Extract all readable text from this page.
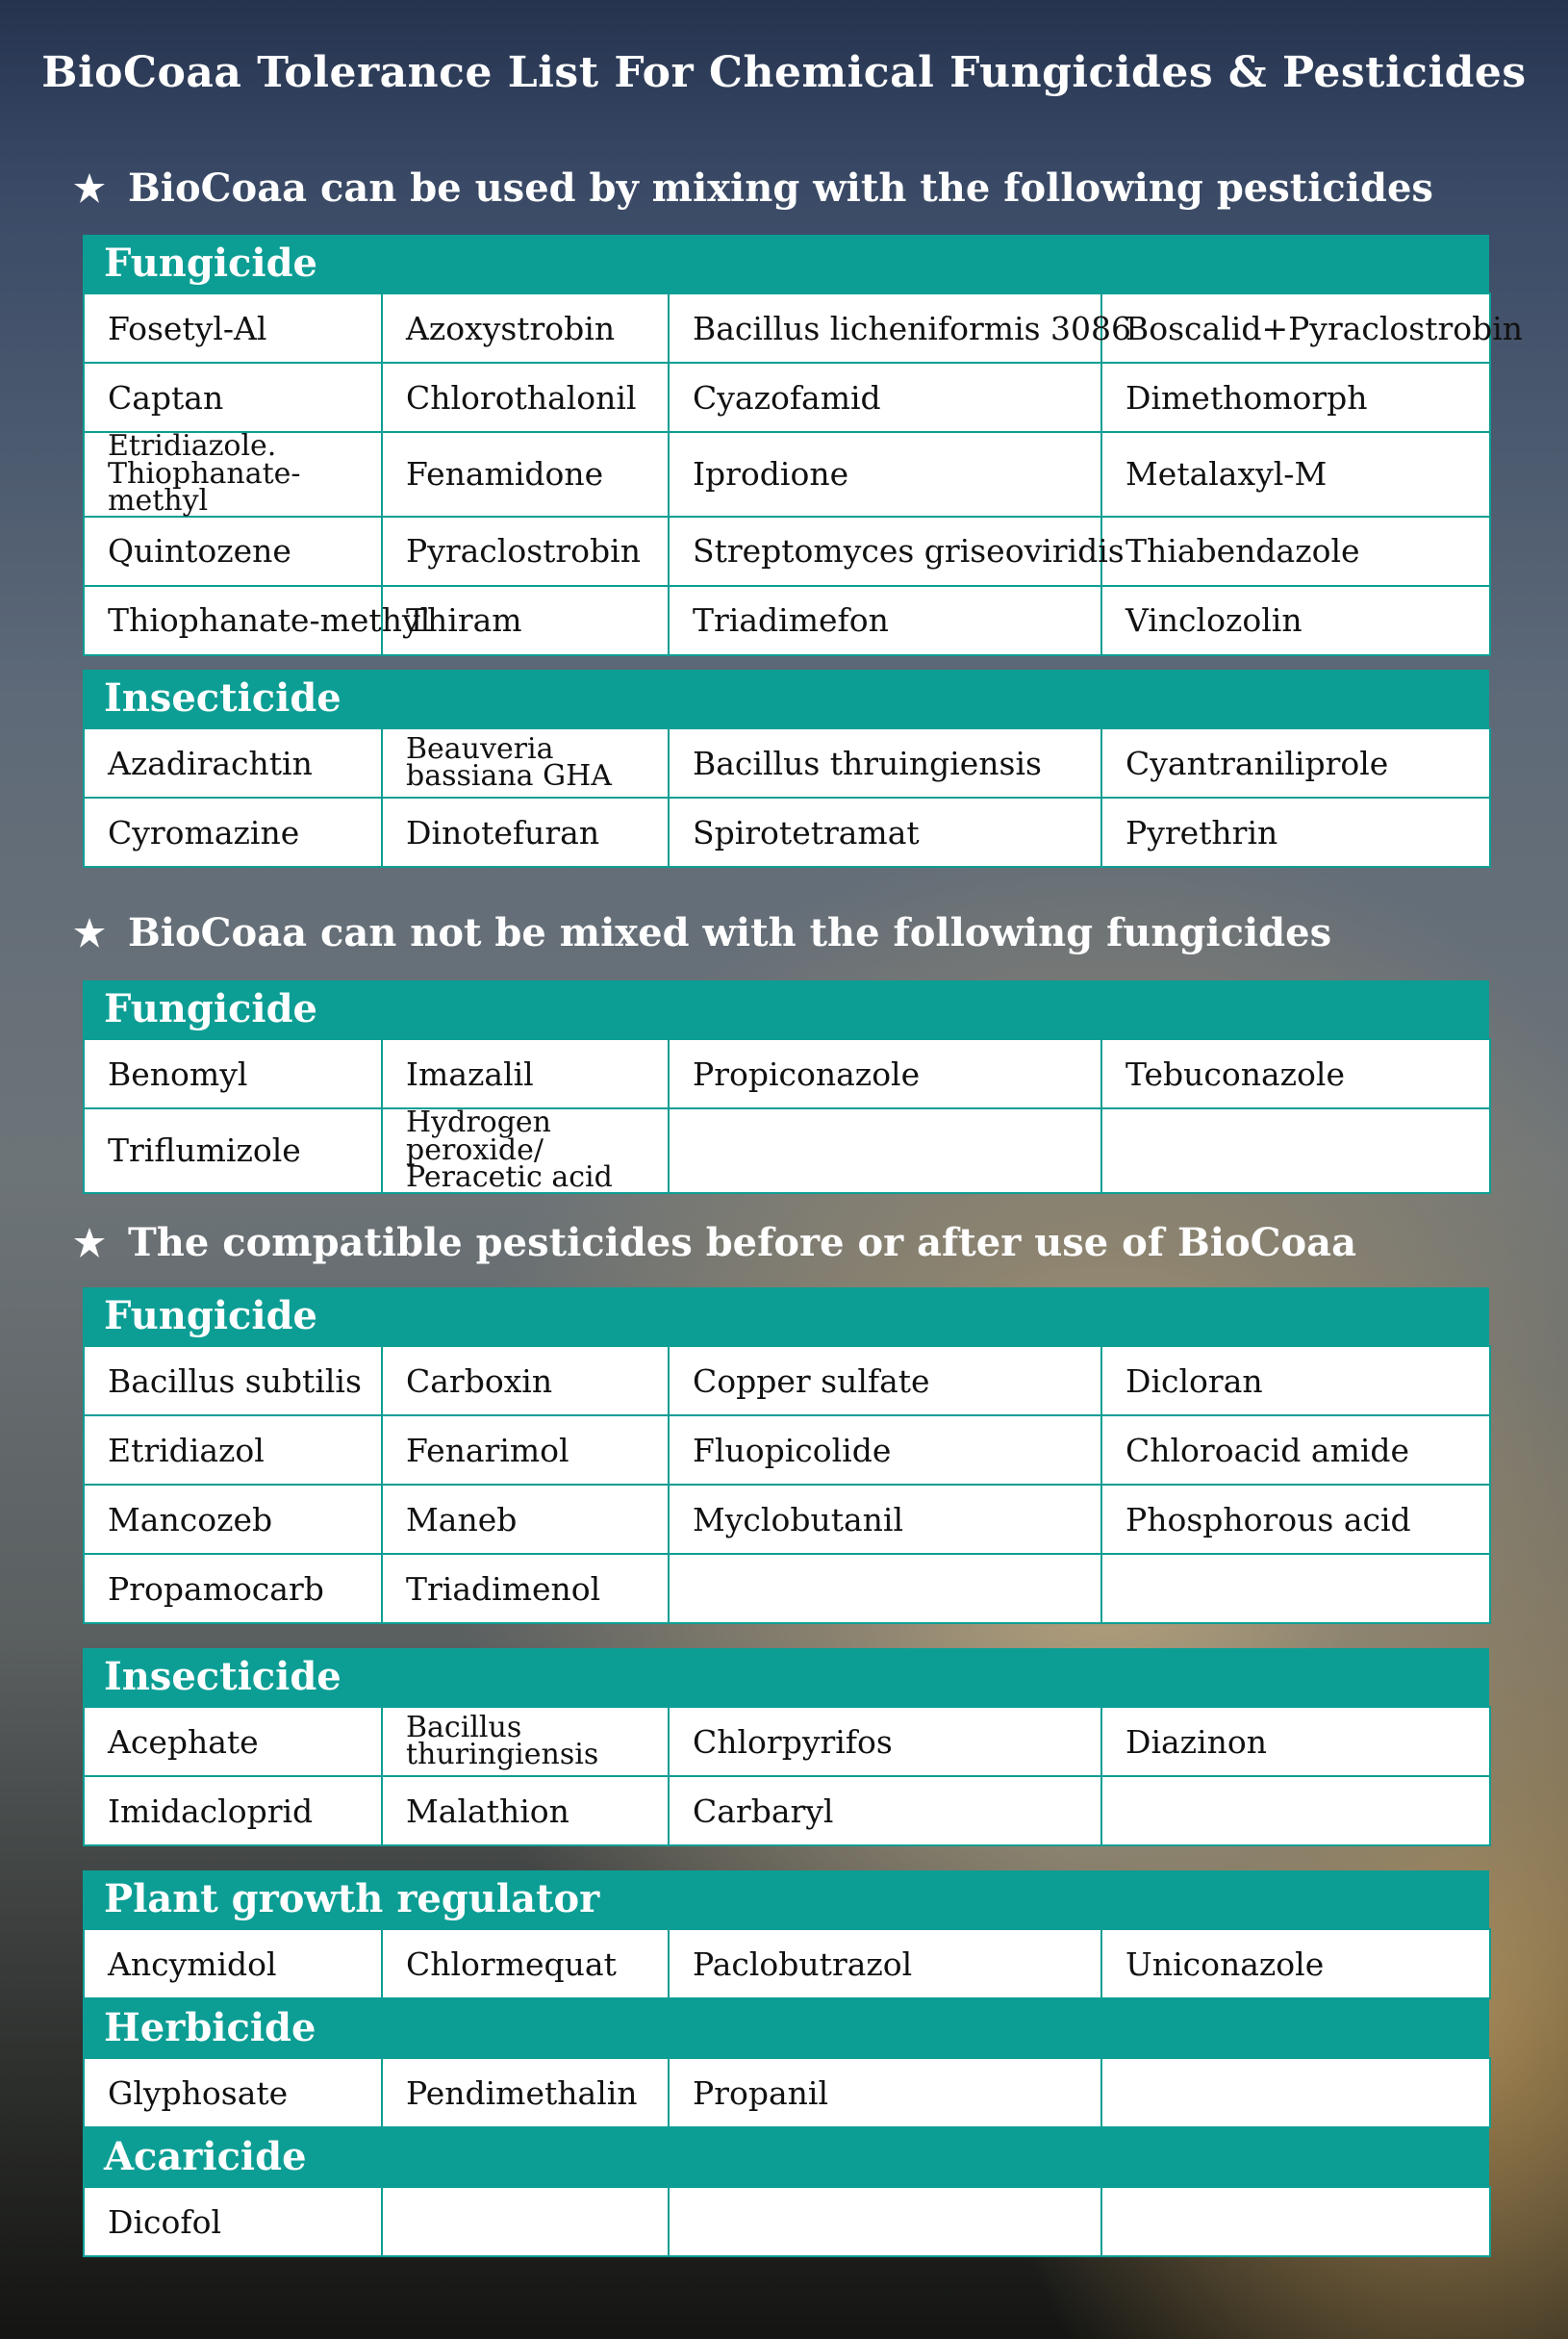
BioCoaa Tolerance List For Chemical Fungicides & Pesticides
BioCoaa can be used by mixing with the following pesticides
Fungicide
Fosetyl-Al	Azoxystrobin	Bacillus licheniformis 3086	Boscalid+Pyraclostrobin
Captan	Chlorothalonil	Cyazofamid	Dimethomorph
Etridiazole. Thiophanate-methyl	Fenamidone	Iprodione	Metalaxyl-M
Quintozene	Pyraclostrobin	Streptomyces griseoviridis	Thiabendazole
Thiophanate-methyl	Thiram	Triadimefon	Vinclozolin
Insecticide
Azadirachtin	Beauveria bassiana GHA	Bacillus thruingiensis	Cyantraniliprole
Cyromazine	Dinotefuran	Spirotetramat	Pyrethrin
BioCoaa can not be mixed with the following fungicides
Fungicide
Benomyl	Imazalil	Propiconazole	Tebuconazole
Triflumizole	Hydrogen peroxide/ Peracetic acid		
The compatible pesticides before or after use of BioCoaa
Fungicide
Bacillus subtilis	Carboxin	Copper sulfate	Dicloran
Etridiazol	Fenarimol	Fluopicolide	Chloroacid amide
Mancozeb	Maneb	Myclobutanil	Phosphorous acid
Propamocarb	Triadimenol		
Insecticide
Acephate	Bacillus thuringiensis	Chlorpyrifos	Diazinon
Imidacloprid	Malathion	Carbaryl	
Plant growth regulator
Ancymidol	Chlormequat	Paclobutrazol	Uniconazole
Herbicide
Glyphosate	Pendimethalin	Propanil	
Acaricide
Dicofol			
